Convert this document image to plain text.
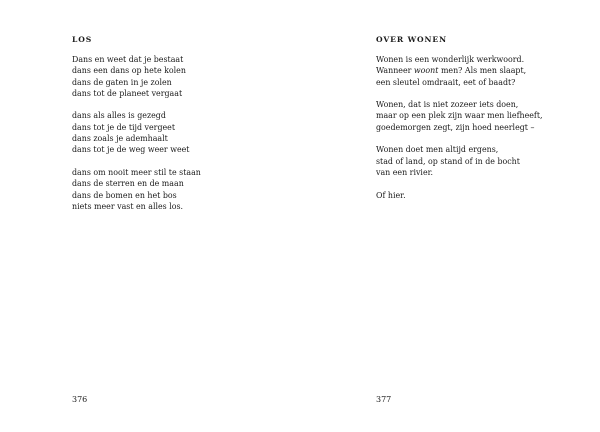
LOS

Dans en weet dat je bestaat
dans een dans op hete kolen
dans de gaten in je zolen
dans tot de planeet vergaat

dans als alles is gezegd
dans tot je de tijd vergeet
dans zoals je ademhaalt
dans tot je de weg weer weet

dans om nooit meer stil te staan
dans de sterren en de maan
dans de bomen en het bos
niets meer vast en alles los.

376

OVER WONEN

Wonen is een wonderlijk werkwoord.
Wanneer woont men? Als men slaapt,
een sleutel omdraait, eet of baadt?

Wonen, dat is niet zozeer iets doen,
maar op een plek zijn waar men liefheeft,
goedemorgen zegt, zijn hoed neerlegt –

Wonen doet men altijd ergens,
stad of land, op stand of in de bocht
van een rivier.

Of hier.

377
